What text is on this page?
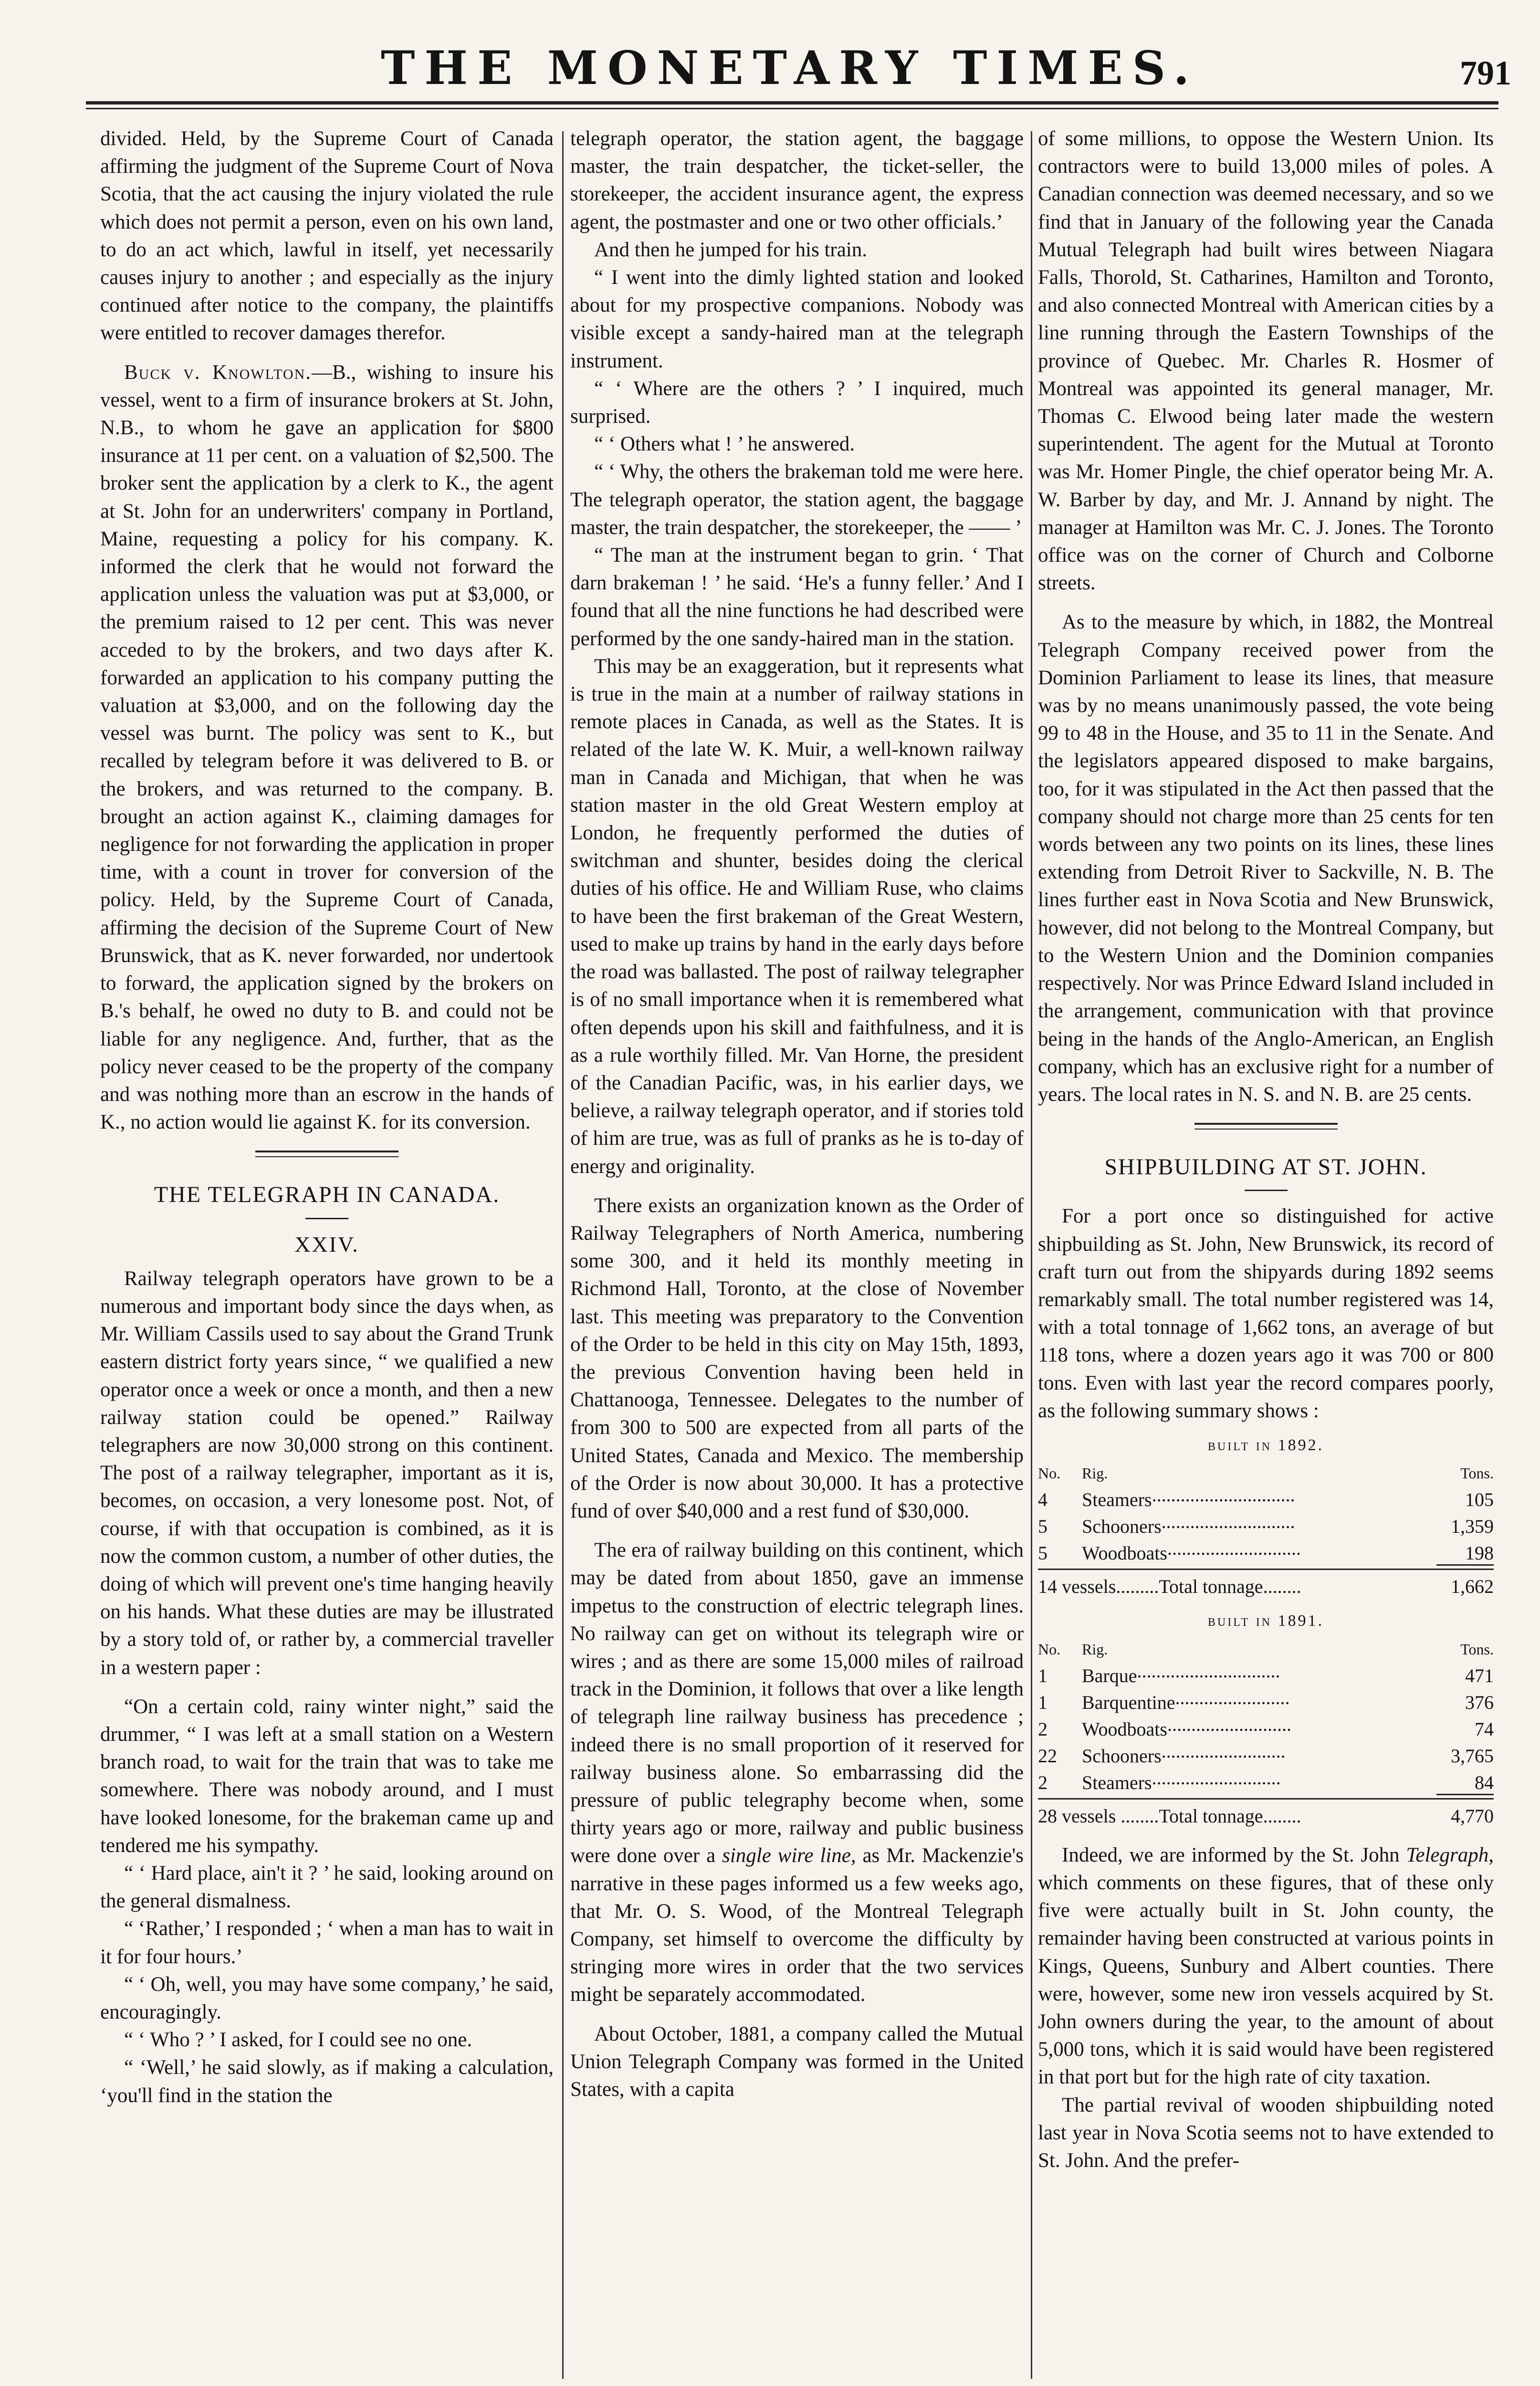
THE MONETARY TIMES.	791

divided. Held, by the Supreme Court of Canada affirming the judgment of the Supreme Court of Nova Scotia, that the act causing the injury violated the rule which does not permit a person, even on his own land, to do an act which, lawful in itself, yet necessarily causes injury to another ; and especially as the injury continued after notice to the company, the plaintiffs were entitled to recover damages therefor.

Buck v. Knowlton.—B., wishing to insure his vessel, went to a firm of insurance brokers at St. John, N.B., to whom he gave an application for $800 insurance at 11 per cent. on a valuation of $2,500. The broker sent the application by a clerk to K., the agent at St. John for an underwriters' company in Portland, Maine, requesting a policy for his company. K. informed the clerk that he would not forward the application unless the valuation was put at $3,000, or the premium raised to 12 per cent. This was never acceded to by the brokers, and two days after K. forwarded an application to his company putting the valuation at $3,000, and on the following day the vessel was burnt. The policy was sent to K., but recalled by telegram before it was delivered to B. or the brokers, and was returned to the company. B. brought an action against K., claiming damages for negligence for not forwarding the application in proper time, with a count in trover for conversion of the policy. Held, by the Supreme Court of Canada, affirming the decision of the Supreme Court of New Brunswick, that as K. never forwarded, nor undertook to forward, the application signed by the brokers on B.'s behalf, he owed no duty to B. and could not be liable for any negligence. And, further, that as the policy never ceased to be the property of the company and was nothing more than an escrow in the hands of K., no action would lie against K. for its conversion.

THE TELEGRAPH IN CANADA.
XXIV.

Railway telegraph operators have grown to be a numerous and important body since the days when, as Mr. William Cassils used to say about the Grand Trunk eastern district forty years since, “ we qualified a new operator once a week or once a month, and then a new railway station could be opened.” Railway telegraphers are now 30,000 strong on this continent. The post of a railway telegrapher, important as it is, becomes, on occasion, a very lonesome post. Not, of course, if with that occupation is combined, as it is now the common custom, a number of other duties, the doing of which will prevent one's time hanging heavily on his hands. What these duties are may be illustrated by a story told of, or rather by, a commercial traveller in a western paper :

“On a certain cold, rainy winter night,” said the drummer, “ I was left at a small station on a Western branch road, to wait for the train that was to take me somewhere. There was nobody around, and I must have looked lonesome, for the brakeman came up and tendered me his sympathy.

“ ‘ Hard place, ain't it ? ’ he said, looking around on the general dismalness.

“ ‘Rather,’ I responded ; ‘ when a man has to wait in it for four hours.’

“ ‘ Oh, well, you may have some company,’ he said, encouragingly.

“ ‘ Who ? ’ I asked, for I could see no one.

“ ‘Well,’ he said slowly, as if making a calculation, ‘you'll find in the station the

telegraph operator, the station agent, the baggage master, the train despatcher, the ticket-seller, the storekeeper, the accident insurance agent, the express agent, the postmaster and one or two other officials.’

And then he jumped for his train.

“ I went into the dimly lighted station and looked about for my prospective companions. Nobody was visible except a sandy-haired man at the telegraph instrument.

“ ‘ Where are the others ? ’ I inquired, much surprised.

“ ‘ Others what ! ’ he answered.

“ ‘ Why, the others the brakeman told me were here. The telegraph operator, the station agent, the baggage master, the train despatcher, the storekeeper, the —— ’

“ The man at the instrument began to grin. ‘ That darn brakeman ! ’ he said. ‘He's a funny feller.’ And I found that all the nine functions he had described were performed by the one sandy-haired man in the station.

This may be an exaggeration, but it represents what is true in the main at a number of railway stations in remote places in Canada, as well as the States. It is related of the late W. K. Muir, a well-known railway man in Canada and Michigan, that when he was station master in the old Great Western employ at London, he frequently performed the duties of switchman and shunter, besides doing the clerical duties of his office. He and William Ruse, who claims to have been the first brakeman of the Great Western, used to make up trains by hand in the early days before the road was ballasted. The post of railway telegrapher is of no small importance when it is remembered what often depends upon his skill and faithfulness, and it is as a rule worthily filled. Mr. Van Horne, the president of the Canadian Pacific, was, in his earlier days, we believe, a railway telegraph operator, and if stories told of him are true, was as full of pranks as he is to-day of energy and originality.

There exists an organization known as the Order of Railway Telegraphers of North America, numbering some 300, and it held its monthly meeting in Richmond Hall, Toronto, at the close of November last. This meeting was preparatory to the Convention of the Order to be held in this city on May 15th, 1893, the previous Convention having been held in Chattanooga, Tennessee. Delegates to the number of from 300 to 500 are expected from all parts of the United States, Canada and Mexico. The membership of the Order is now about 30,000. It has a protective fund of over $40,000 and a rest fund of $30,000.

The era of railway building on this continent, which may be dated from about 1850, gave an immense impetus to the construction of electric telegraph lines. No railway can get on without its telegraph wire or wires ; and as there are some 15,000 miles of railroad track in the Dominion, it follows that over a like length of telegraph line railway business has precedence ; indeed there is no small proportion of it reserved for railway business alone. So embarrassing did the pressure of public telegraphy become when, some thirty years ago or more, railway and public business were done over a single wire line, as Mr. Mackenzie's narrative in these pages informed us a few weeks ago, that Mr. O. S. Wood, of the Montreal Telegraph Company, set himself to overcome the difficulty by stringing more wires in order that the two services might be separately accommodated.

About October, 1881, a company called the Mutual Union Telegraph Company was formed in the United States, with a capita

of some millions, to oppose the Western Union. Its contractors were to build 13,000 miles of poles. A Canadian connection was deemed necessary, and so we find that in January of the following year the Canada Mutual Telegraph had built wires between Niagara Falls, Thorold, St. Catharines, Hamilton and Toronto, and also connected Montreal with American cities by a line running through the Eastern Townships of the province of Quebec. Mr. Charles R. Hosmer of Montreal was appointed its general manager, Mr. Thomas C. Elwood being later made the western superintendent. The agent for the Mutual at Toronto was Mr. Homer Pingle, the chief operator being Mr. A. W. Barber by day, and Mr. J. Annand by night. The manager at Hamilton was Mr. C. J. Jones. The Toronto office was on the corner of Church and Colborne streets.

As to the measure by which, in 1882, the Montreal Telegraph Company received power from the Dominion Parliament to lease its lines, that measure was by no means unanimously passed, the vote being 99 to 48 in the House, and 35 to 11 in the Senate. And the legislators appeared disposed to make bargains, too, for it was stipulated in the Act then passed that the company should not charge more than 25 cents for ten words between any two points on its lines, these lines extending from Detroit River to Sackville, N. B. The lines further east in Nova Scotia and New Brunswick, however, did not belong to the Montreal Company, but to the Western Union and the Dominion companies respectively. Nor was Prince Edward Island included in the arrangement, communication with that province being in the hands of the Anglo-American, an English company, which has an exclusive right for a number of years. The local rates in N. S. and N. B. are 25 cents.

SHIPBUILDING AT ST. JOHN.

For a port once so distinguished for active shipbuilding as St. John, New Brunswick, its record of craft turn out from the shipyards during 1892 seems remarkably small. The total number registered was 14, with a total tonnage of 1,662 tons, an average of but 118 tons, where a dozen years ago it was 700 or 800 tons. Even with last year the record compares poorly, as the following summary shows :

built in 1892.
No.	Rig.	Tons.
4	Steamers..............................	105
5	Schooners............................	1,359
5	Woodboats............................	198
14 vessels.........Total tonnage........	1,662
built in 1891.
No.	Rig.	Tons.
1	Barque..............................	471
1	Barquentine........................	376
2	Woodboats..........................	74
22	Schooners..........................	3,765
2	Steamers...........................	84
28 vessels ........Total tonnage........	4,770

Indeed, we are informed by the St. John Telegraph, which comments on these figures, that of these only five were actually built in St. John county, the remainder having been constructed at various points in Kings, Queens, Sunbury and Albert counties. There were, however, some new iron vessels acquired by St. John owners during the year, to the amount of about 5,000 tons, which it is said would have been registered in that port but for the high rate of city taxation.

The partial revival of wooden shipbuilding noted last year in Nova Scotia seems not to have extended to St. John. And the prefer-
